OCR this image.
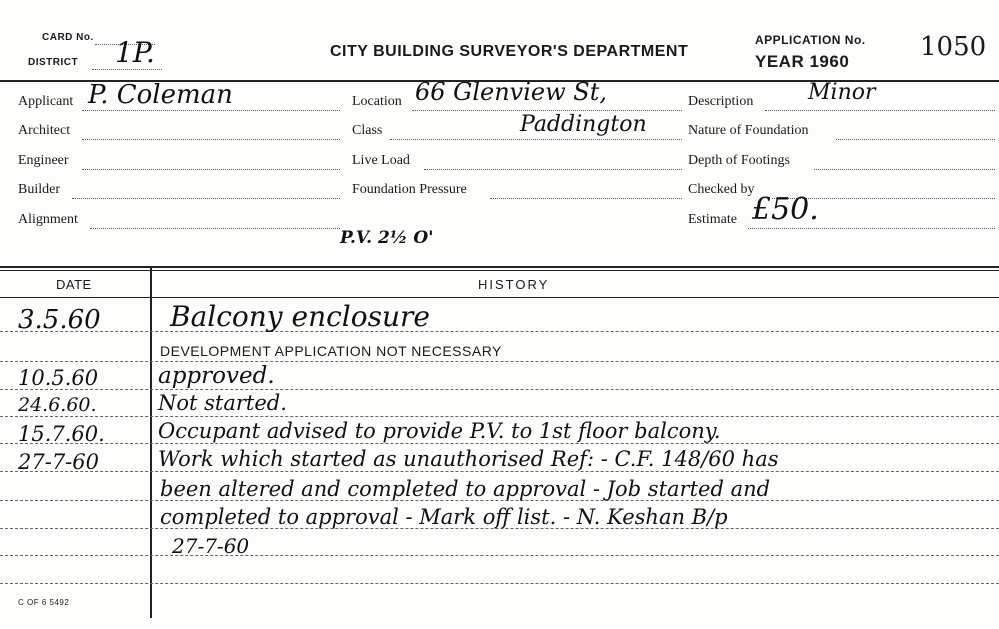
CARD No.
DISTRICT 1P.	CITY BUILDING SURVEYOR'S DEPARTMENT
APPLICATION No.
YEAR 1960	1050
Applicant P. Coleman
Architect
Engineer
Builder
Alignment
Location 66 Glenview St,
Class	Paddington
Live Load
Foundation Pressure
P.V. 2½ O'
Description Minor
Nature of Foundation
Depth of Footings
Checked by
Estimate £50.
DATE	HISTORY
3.5.60 Balcony enclosure
DEVELOPMENT APPLICATION NOT NECESSARY
10.5.60	approved.
24.6.60.	Not started.
15.7.60.	Occupant advised to provide P.V. to 1st floor balcony.
27-7-60	Work which started as unauthorised Ref: - C.F. 148/60 has
been altered and completed to approval - Job started and
completed to approval - Mark off list. - N. Keshan B/p
27-7-60
C OF 6 5492
